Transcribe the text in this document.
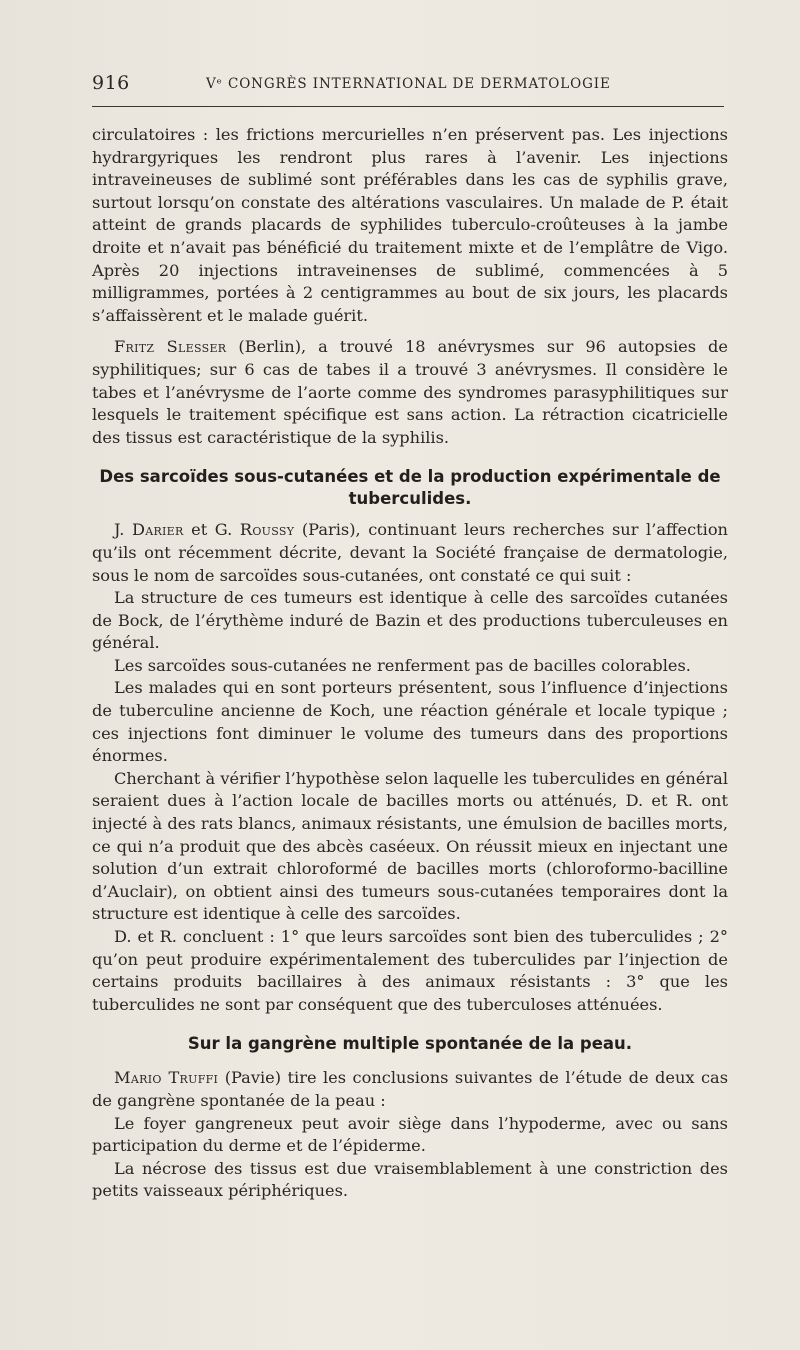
916	Vᵉ CONGRÈS INTERNATIONAL DE DERMATOLOGIE

circulatoires : les frictions mercurielles n’en préservent pas. Les injections hydrargyriques les rendront plus rares à l’avenir. Les injections intraveineuses de sublimé sont préférables dans les cas de syphilis grave, surtout lorsqu’on constate des altérations vasculaires. Un malade de P. était atteint de grands placards de syphilides tuberculo-croûteuses à la jambe droite et n’avait pas bénéficié du traitement mixte et de l’emplâtre de Vigo. Après 20 injections intraveinenses de sublimé, commencées à 5 milligrammes, portées à 2 centigrammes au bout de six jours, les placards s’affaissèrent et le malade guérit.

Fritz Slesser (Berlin), a trouvé 18 anévrysmes sur 96 autopsies de syphilitiques; sur 6 cas de tabes il a trouvé 3 anévrysmes. Il considère le tabes et l’anévrysme de l’aorte comme des syndromes parasyphilitiques sur lesquels le traitement spécifique est sans action. La rétraction cicatricielle des tissus est caractéristique de la syphilis.

Des sarcoïdes sous-cutanées et de la production expérimentale de tuberculides.

J. Darier et G. Roussy (Paris), continuant leurs recherches sur l’affection qu’ils ont récemment décrite, devant la Société française de dermatologie, sous le nom de sarcoïdes sous-cutanées, ont constaté ce qui suit :

La structure de ces tumeurs est identique à celle des sarcoïdes cutanées de Bock, de l’érythème induré de Bazin et des productions tuberculeuses en général.

Les sarcoïdes sous-cutanées ne renferment pas de bacilles colorables.

Les malades qui en sont porteurs présentent, sous l’influence d’injections de tuberculine ancienne de Koch, une réaction générale et locale typique ; ces injections font diminuer le volume des tumeurs dans des proportions énormes.

Cherchant à vérifier l’hypothèse selon laquelle les tuberculides en général seraient dues à l’action locale de bacilles morts ou atténués, D. et R. ont injecté à des rats blancs, animaux résistants, une émulsion de bacilles morts, ce qui n’a produit que des abcès caséeux. On réussit mieux en injectant une solution d’un extrait chloroformé de bacilles morts (chloroformo-bacilline d’Auclair), on obtient ainsi des tumeurs sous-cutanées temporaires dont la structure est identique à celle des sarcoïdes.

D. et R. concluent : 1° que leurs sarcoïdes sont bien des tuberculides ; 2° qu’on peut produire expérimentalement des tuberculides par l’injection de certains produits bacillaires à des animaux résistants : 3° que les tuberculides ne sont par conséquent que des tuberculoses atténuées.

Sur la gangrène multiple spontanée de la peau.

Mario Truffi (Pavie) tire les conclusions suivantes de l’étude de deux cas de gangrène spontanée de la peau :

Le foyer gangreneux peut avoir siège dans l’hypoderme, avec ou sans participation du derme et de l’épiderme.

La nécrose des tissus est due vraisemblablement à une constriction des petits vaisseaux périphériques.
